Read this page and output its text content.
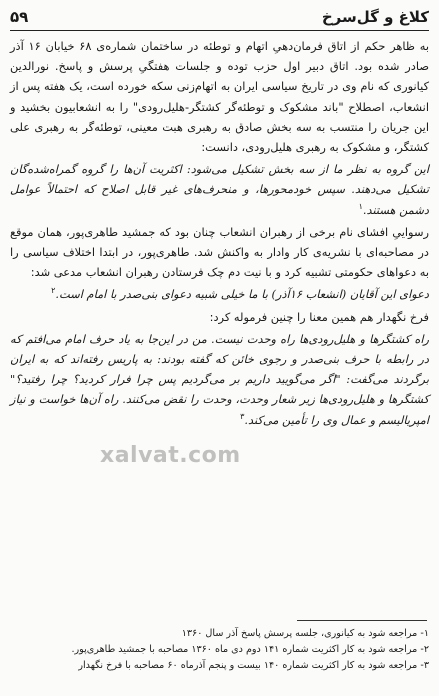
کلاغ و گل‌سرخ
۵۹

به ظاهر حکم از اتاق فرمان‌دهی‌ِ اتهام و توطئه در ساختمان شماره‌ی ۶۸ خیابان ۱۶ آذر صادر شده بود. اتاق دبیر اول حزب توده و جلسات هفتگی‌ِ پرسش و پاسخ. نورالدین کیانوری که نام وی در تاریخ سیاسی ایران به اتهام‌زنی سکه خورده است، یک هفته پس از انشعاب، اصطلاح "باند مشکوک و توطئه‌گر کشتگر-هلیل‌رودی" را به انشعابیون بخشید و این جریان را منتسب به سه بخش صادق به رهبری هبت معینی، توطئه‌گر به رهبری علی کشتگر، و مشکوک به رهبری هلیل‌رودی، دانست:

این گروه به نظر ما از سه بخش تشکیل می‌شود: اکثریت آن‌ها را گروه گمراه‌شده‌گان تشکیل می‌دهند. سپس خودمحورها، و منحرف‌های غیر قابل اصلاح که احتمالاً عوامل دشمن هستند.$^۱$

رسوایی‌ِ افشای نام برخی از رهبران انشعاب چنان بود که جمشید طاهری‌پور، همان موقع در مصاحبه‌ای با نشریه‌ی کار وادار به واکنش شد. طاهری‌پور، در ابتدا اختلاف سیاسی را به دعواهای حکومتی تشبیه کرد و با نیت دم چک فرستادن رهبران انشعاب مدعی شد:

دعوای این آقایان (انشعاب ۱۶آذر) با ما خیلی شبیه دعوای بنی‌صدر با امام است.$^۲$

فرخ نگهدار هم همین معنا را چنین فرموله کرد:

راه کشتگرها و هلیل‌رودی‌ها راه وحدت نیست. من در این‌جا به یاد حرف امام می‌افتم که در رابطه با حرف بنی‌صدر و رجوی خائن که گفته بودند: به پاریس رفته‌اند که به ایران برگردند می‌گفت: "اگر می‌گویید داریم بر می‌گردیم پس چرا فرار کردید؟ چرا رفتید؟" کشتگرها و هلیل‌رودی‌ها زیر شعار وحدت، وحدت را نقض می‌کنند. راه آن‌ها خواست و نیاز امپریالیسم و عمال وی را تأمین می‌کند.$^۳$

xalvat.com
۱- مراجعه شود به کیانوری، جلسه پرسش پاسخ آذر سال ۱۳۶۰
۲- مراجعه شود به کار اکثریت شماره ۱۴۱ دوم دی ماه ۱۳۶۰ مصاحبه با جمشید طاهری‌پور.
۳- مراجعه شود به کار اکثریت شماره ۱۴۰ بیست و پنجم آذرماه ۶۰ مصاحبه با فرخ نگهدار
